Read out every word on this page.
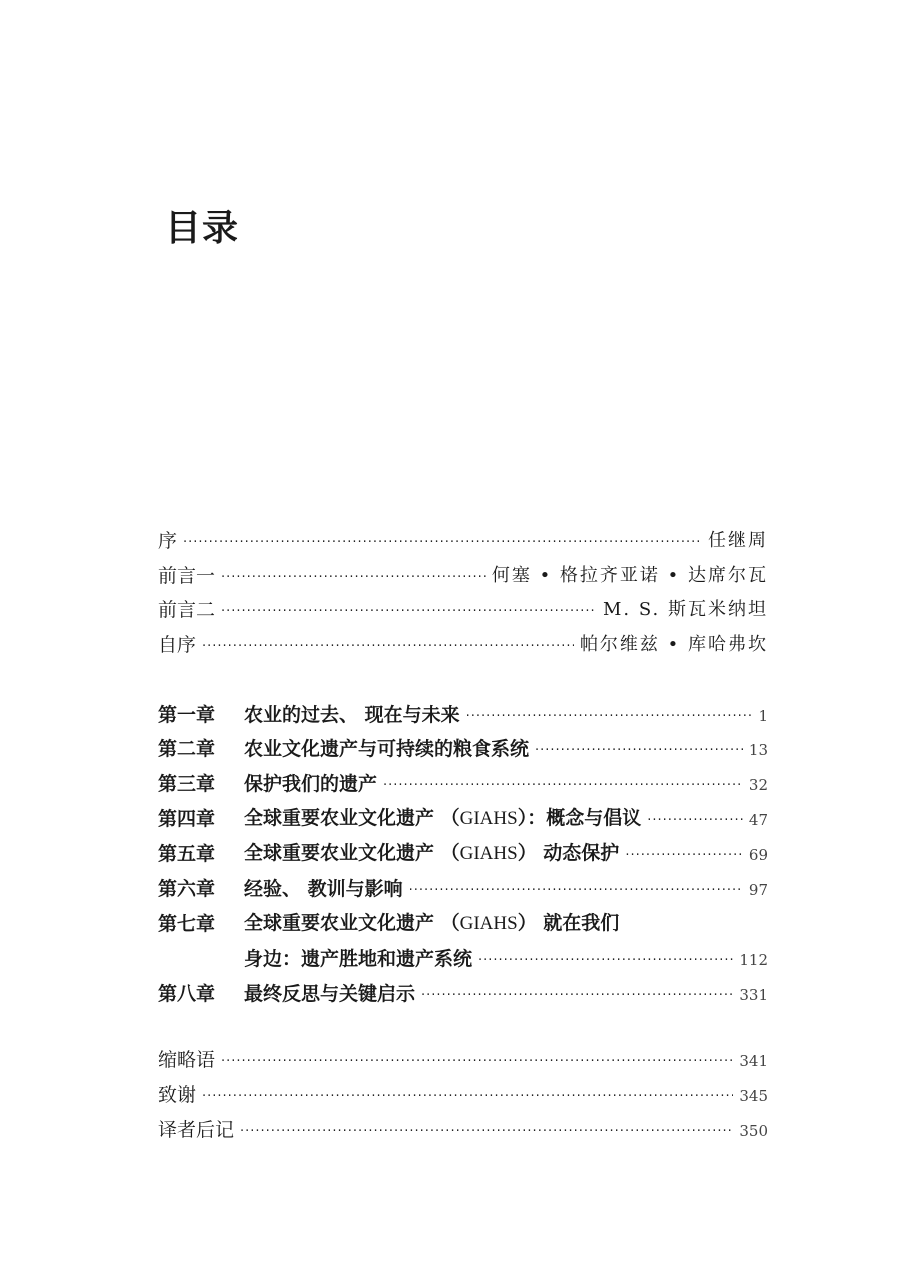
目录
序 ·····	任继周
前言一 ·····	何塞 • 格拉齐亚诺 • 达席尔瓦
前言二 ·····	M. S. 斯瓦米纳坦
自序 ·····	帕尔维兹 • 库哈弗坎
第一章	农业的过去、 现在与未来 ·····	1
第二章	农业文化遗产与可持续的粮食系统 ·····	13
第三章	保护我们的遗产 ·····	32
第四章	全球重要农业文化遗产 （GIAHS）：概念与倡议 ·····	47
第五章	全球重要农业文化遗产 （GIAHS） 动态保护 ·····	69
第六章	经验、 教训与影响 ·····	97
第七章	全球重要农业文化遗产 （GIAHS） 就在我们
身边：遗产胜地和遗产系统 ·····	112
第八章	最终反思与关键启示 ·····	331
缩略语 ·····	341
致谢 ·····	345
译者后记 ·····	350
